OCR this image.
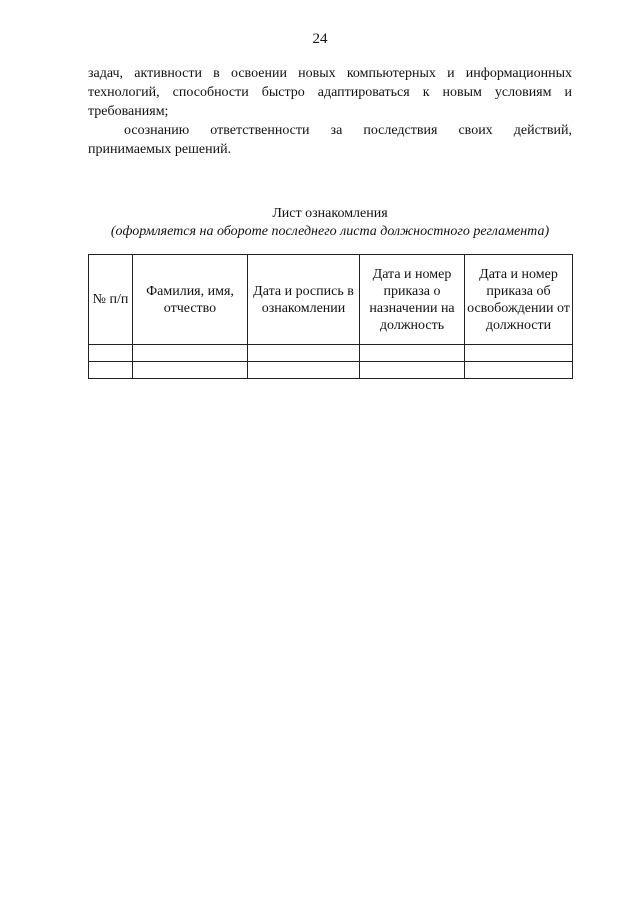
24

задач, активности в освоении новых компьютерных и информационных
технологий, способности быстро адаптироваться к новым условиям и
требованиям;

осознанию ответственности за последствия своих действий,
принимаемых решений.

Лист ознакомления
(оформляется на обороте последнего листа должностного регламента)
№ п/п	Фамилия, имя, отчество	Дата и роспись в ознакомлении	Дата и номер приказа о назначении на должность	Дата и номер приказа об освобождении от должности
